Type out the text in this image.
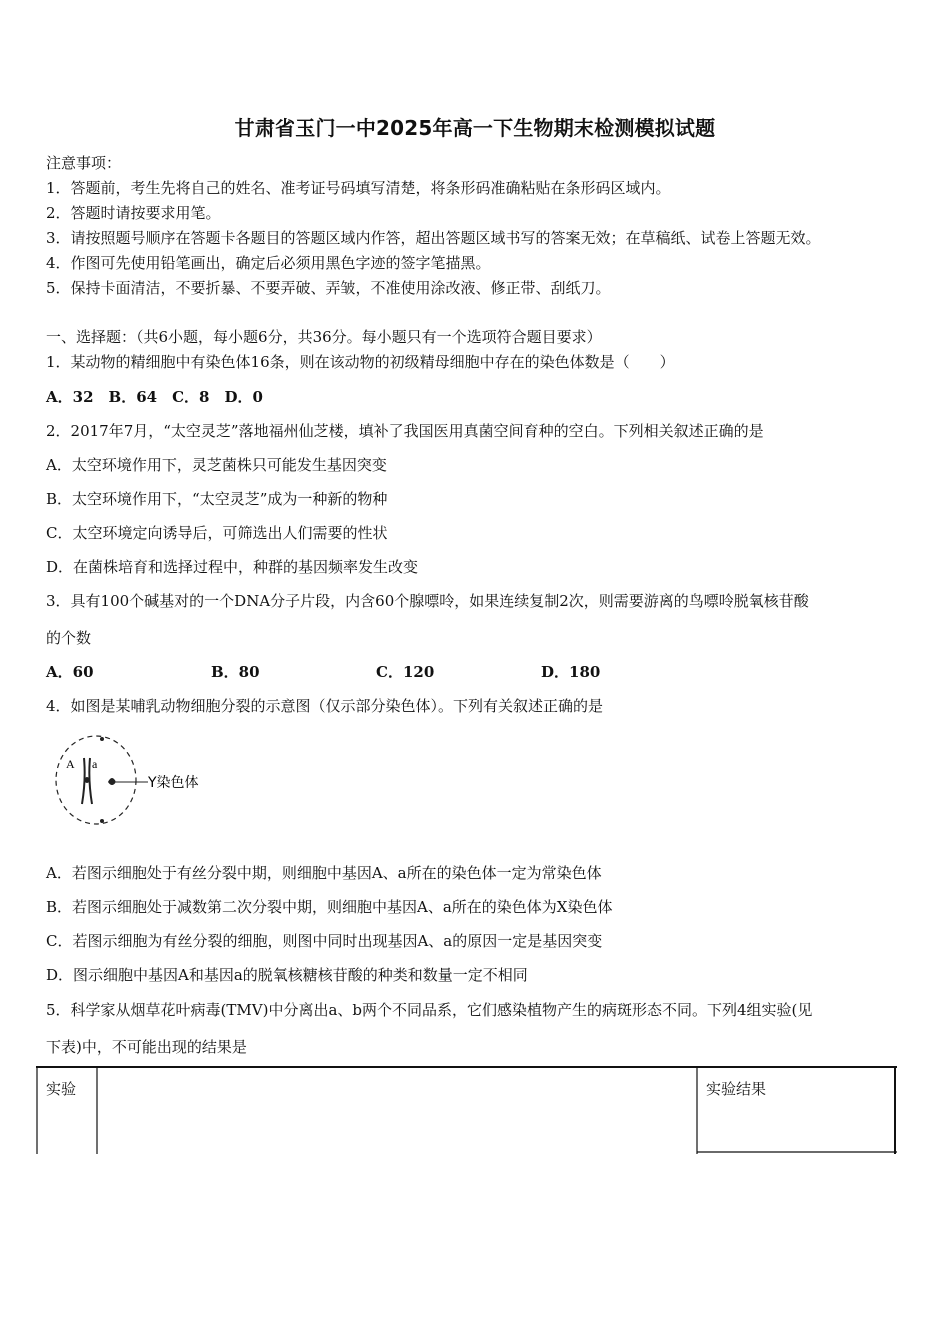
甘肃省玉门一中2025年高一下生物期末检测模拟试题
注意事项：
1．答题前，考生先将自己的姓名、准考证号码填写清楚，将条形码准确粘贴在条形码区域内。
2．答题时请按要求用笔。
3．请按照题号顺序在答题卡各题目的答题区域内作答，超出答题区域书写的答案无效；在草稿纸、试卷上答题无效。
4．作图可先使用铅笔画出，确定后必须用黑色字迹的签字笔描黑。
5．保持卡面清洁，不要折暴、不要弄破、弄皱，不准使用涂改液、修正带、刮纸刀。
一、选择题：（共6小题，每小题6分，共36分。每小题只有一个选项符合题目要求）
1．某动物的精细胞中有染色体16条，则在该动物的初级精母细胞中存在的染色体数是（　　）
A．32　B．64　C．8　D．0
2．2017年7月，“太空灵芝”落地福州仙芝楼，填补了我国医用真菌空间育种的空白。下列相关叙述正确的是
A．太空环境作用下，灵芝菌株只可能发生基因突变
B．太空环境作用下，“太空灵芝”成为一种新的物种
C．太空环境定向诱导后，可筛选出人们需要的性状
D．在菌株培育和选择过程中，种群的基因频率发生改变
3．具有100个碱基对的一个DNA分子片段，内含60个腺嘌呤，如果连续复制2次，则需要游离的鸟嘌呤脱氧核苷酸
的个数
A．60	B．80	C．120	D．180
4．如图是某哺乳动物细胞分裂的示意图（仅示部分染色体）。下列有关叙述正确的是
A a
Y染色体
A．若图示细胞处于有丝分裂中期，则细胞中基因A、a所在的染色体一定为常染色体
B．若图示细胞处于减数第二次分裂中期，则细胞中基因A、a所在的染色体为X染色体
C．若图示细胞为有丝分裂的细胞，则图中同时出现基因A、a的原因一定是基因突变
D．图示细胞中基因A和基因a的脱氧核糖核苷酸的种类和数量一定不相同
5．科学家从烟草花叶病毒(TMV)中分离出a、b两个不同品系，它们感染植物产生的病斑形态不同。下列4组实验(见
下表)中，不可能出现的结果是
实验	实验结果
